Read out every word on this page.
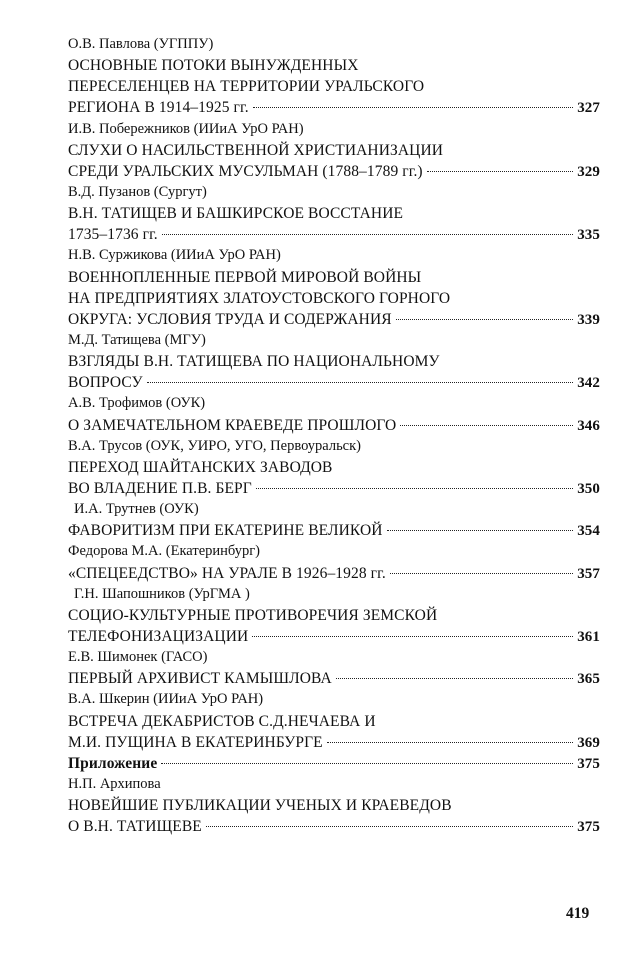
О.В. Павлова (УГППУ)
ОСНОВНЫЕ ПОТОКИ ВЫНУЖДЕННЫХ
ПЕРЕСЕЛЕНЦЕВ НА ТЕРРИТОРИИ УРАЛЬСКОГО
РЕГИОНА В 1914–1925 гг.	327
И.В. Побережников (ИИиА УрО РАН)
СЛУХИ О НАСИЛЬСТВЕННОЙ ХРИСТИАНИЗАЦИИ
СРЕДИ УРАЛЬСКИХ МУСУЛЬМАН (1788–1789 гг.)	329
В.Д. Пузанов (Сургут)
В.Н. ТАТИЩЕВ И БАШКИРСКОЕ ВОССТАНИЕ
1735–1736 гг.	335
Н.В. Суржикова (ИИиА УрО РАН)
ВОЕННОПЛЕННЫЕ ПЕРВОЙ МИРОВОЙ ВОЙНЫ
НА ПРЕДПРИЯТИЯХ ЗЛАТОУСТОВСКОГО ГОРНОГО
ОКРУГА: УСЛОВИЯ ТРУДА И СОДЕРЖАНИЯ	339
М.Д. Татищева (МГУ)
ВЗГЛЯДЫ В.Н. ТАТИЩЕВА ПО НАЦИОНАЛЬНОМУ
ВОПРОСУ	342
А.В. Трофимов (ОУК)
О ЗАМЕЧАТЕЛЬНОМ КРАЕВЕДЕ ПРОШЛОГО	346
В.А. Трусов (ОУК, УИРО, УГО, Первоуральск)
ПЕРЕХОД ШАЙТАНСКИХ ЗАВОДОВ
ВО ВЛАДЕНИЕ П.В. БЕРГ	350
И.А. Трутнев (ОУК)
ФАВОРИТИЗМ ПРИ ЕКАТЕРИНЕ ВЕЛИКОЙ	354
Федорова М.А. (Екатеринбург)
«СПЕЦЕЕДСТВО» НА УРАЛЕ В 1926–1928 гг.	357
Г.Н. Шапошников (УрГМА )
СОЦИО-КУЛЬТУРНЫЕ ПРОТИВОРЕЧИЯ ЗЕМСКОЙ
ТЕЛЕФОНИЗАЦИЗАЦИИ	361
Е.В. Шимонек (ГАСО)
ПЕРВЫЙ АРХИВИСТ КАМЫШЛОВА	365
В.А. Шкерин (ИИиА УрО РАН)
ВСТРЕЧА ДЕКАБРИСТОВ С.Д.НЕЧАЕВА И
М.И. ПУЩИНА В ЕКАТЕРИНБУРГЕ	369
Приложение	375
Н.П. Архипова
НОВЕЙШИЕ ПУБЛИКАЦИИ УЧЕНЫХ И КРАЕВЕДОВ
О В.Н. ТАТИЩЕВЕ	375
419
